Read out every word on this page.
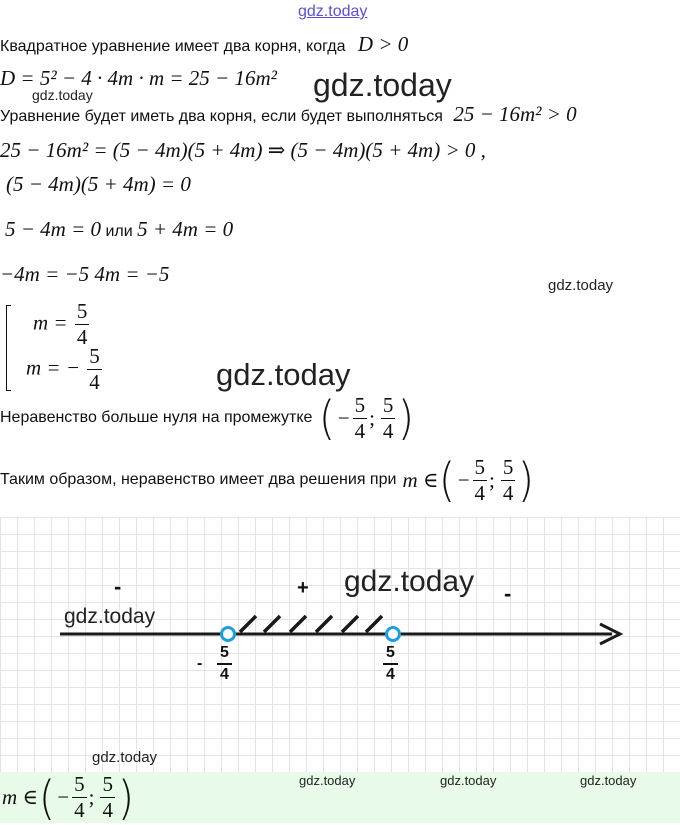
gdz.today
Квадратное уравнение имеет два корня, когда D > 0
D = 5² − 4 · 4m · m = 25 − 16m² gdz.today
gdz.today
Уравнение будет иметь два корня, если будет выполняться 25 − 16m² > 0
25 − 16m² = (5 − 4m)(5 + 4m) ⇒ (5 − 4m)(5 + 4m) > 0 ,
(5 − 4m)(5 + 4m) = 0
5 − 4m = 0 или 5 + 4m = 0
−4m = −5 4m = −5	gdz.today
$m = \frac{5}{4}$
m = − $\frac{5}{4}$	gdz.today
Неравенство больше нуля на промежутке ( − $\frac{5}{4}$ ; $\frac{5}{4}$ )
Таким образом, неравенство имеет два решения при m ∈ ( − $\frac{5}{4}$ ; $\frac{5}{4}$ )
-	+	-
gdz.today
gdz.today
-
5
4
5
4
gdz.today
m ∈ ( − $\frac{5}{4}$ ; $\frac{5}{4}$ )	gdz.today	gdz.today	gdz.today
